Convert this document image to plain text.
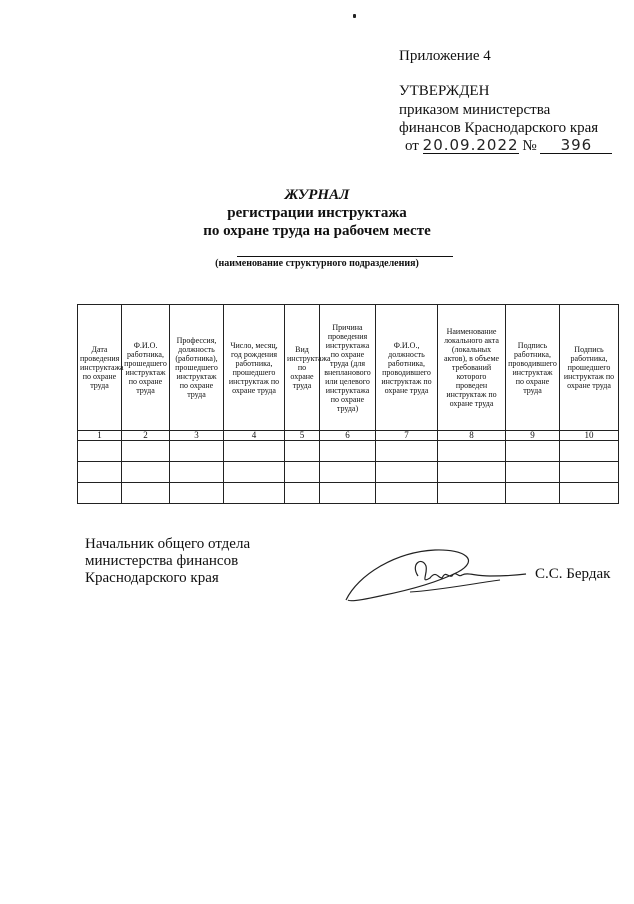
Приложение 4
УТВЕРЖДЕН
приказом министерства
финансов Краснодарского края
от 20.09.2022 № 396
ЖУРНАЛ
регистрации инструктажа
по охране труда на рабочем месте
(наименование структурного подразделения)
Дата проведения инструктажа по охране труда	Ф.И.О. работника, прошедшего инструктаж по охране труда	Профессия, должность (работника), прошедшего инструктаж по охране труда	Число, месяц, год рождения работника, прошедшего инструктаж по охране труда	Вид инструктажа по охране труда	Причина проведения инструктажа по охране труда (для внепланового или целевого инструктажа по охране труда)	Ф.И.О., должность работника, проводившего инструктаж по охране труда	Наименование локального акта (локальных актов), в объеме требований которого проведен инструктаж по охране труда	Подпись работника, проводившего инструктаж по охране труда	Подпись работника, прошедшего инструктаж по охране труда
1	2	3	4	5	6	7	8	9	10

Начальник общего отдела
министерства финансов
Краснодарского края	С.С. Бердак
